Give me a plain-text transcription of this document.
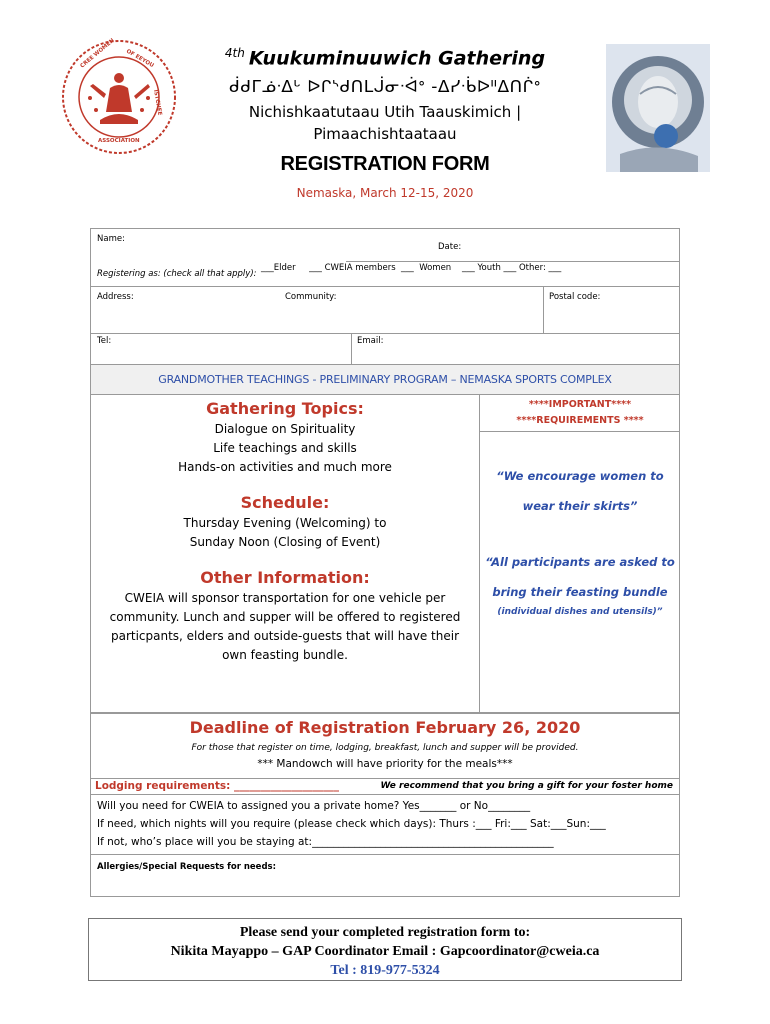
CREE WOMEN OF EEYOU
ISTCHEE
ASSOCIATION
$^{4th}$ Kuukuminuuwich Gathering
ᑰᑯᒥᓅᐧᐃᒡ ᐅᒋᔅᑯᑎᒪᒎᓂᐧᐋᐤ -ᐃᓯᐧᑳᐅᐦᐃᑎᒌᐤ
Nichishkaatutaau Utih Taauskimich |
Pimaachishtaataau
REGISTRATION FORM
Nemaska, March 12-15, 2020
Name:
Date:
Registering as: (check all that apply):
___Elder     ___ CWEIA members  ___  Women    ___ Youth ___ Other: ___
Address:	Community:	Postal code:
Tel:	Email:
GRANDMOTHER TEACHINGS - PRELIMINARY PROGRAM – NEMASKA SPORTS COMPLEX
Gathering Topics:
Dialogue on Spirituality
Life teachings and skills
Hands-on activities and much more
Schedule:
Thursday Evening (Welcoming) to
Sunday Noon (Closing of Event)
Other Information:
CWEIA will sponsor transportation for one vehicle per
community. Lunch and supper will be offered to registered
particpants, elders and outside-guests that will have their
own feasting bundle.
****IMPORTANT****
****REQUIREMENTS ****
“We encourage women to
wear their skirts”
“All participants are asked to
bring their feasting bundle
(individual dishes and utensils)”
Deadline of Registration February 26, 2020
For those that register on time, lodging, breakfast, lunch and supper will be provided.
*** Mandowch will have priority for the meals***
Lodging requirements: ____________________	We recommend that you bring a gift for your foster home
Will you need for CWEIA to assigned you a private home? Yes_______ or No________
If need, which nights will you require (please check which days): Thurs :___ Fri:___ Sat:___Sun:___
If not, who’s place will you be staying at:______________________________________________
Allergies/Special Requests for needs:
Please send your completed registration form to:
Nikita Mayappo – GAP Coordinator Email : Gapcoordinator@cweia.ca
Tel : 819-977-5324
